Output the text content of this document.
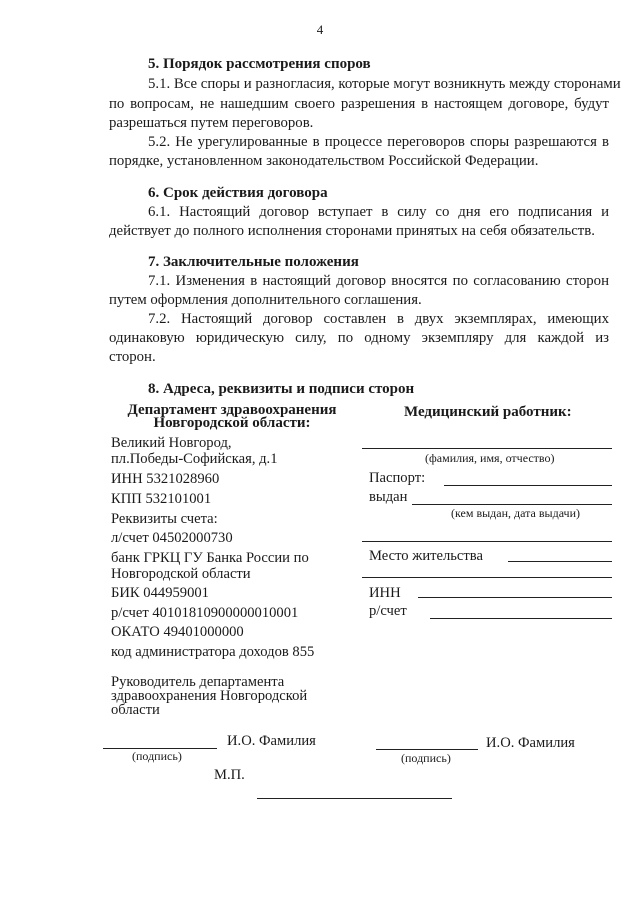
4
5. Порядок рассмотрения споров
5.1. Все споры и разногласия, которые могут возникнуть между сторонами
по вопросам, не нашедшим своего разрешения в настоящем договоре, будут
разрешаться путем переговоров.
5.2. Не урегулированные в процессе переговоров споры разрешаются в
порядке, установленном законодательством Российской Федерации.
6. Срок действия договора
6.1. Настоящий договор вступает в силу со дня его подписания и
действует до полного исполнения сторонами принятых на себя обязательств.
7. Заключительные положения
7.1. Изменения в настоящий договор вносятся по согласованию сторон
путем оформления дополнительного соглашения.
7.2. Настоящий договор составлен в двух экземплярах, имеющих
одинаковую юридическую силу, по одному экземпляру для каждой из
сторон.
8. Адреса, реквизиты и подписи сторон
Департамент здравоохранения
Новгородской области:
Великий Новгород,
пл.Победы-Софийская, д.1
ИНН 5321028960
КПП 532101001
Реквизиты счета:
л/счет 04502000730
банк ГРКЦ ГУ Банка России по
Новгородской области
БИК 044959001
р/счет 40101810900000010001
ОКАТО 49401000000
код администратора доходов 855
Руководитель департамента
здравоохранения Новгородской
области
И.О. Фамилия
(подпись)
М.П.
Медицинский работник:
(фамилия, имя, отчество)
Паспорт:
выдан
(кем выдан, дата выдачи)
Место жительства
ИНН
р/счет
И.О. Фамилия
(подпись)
